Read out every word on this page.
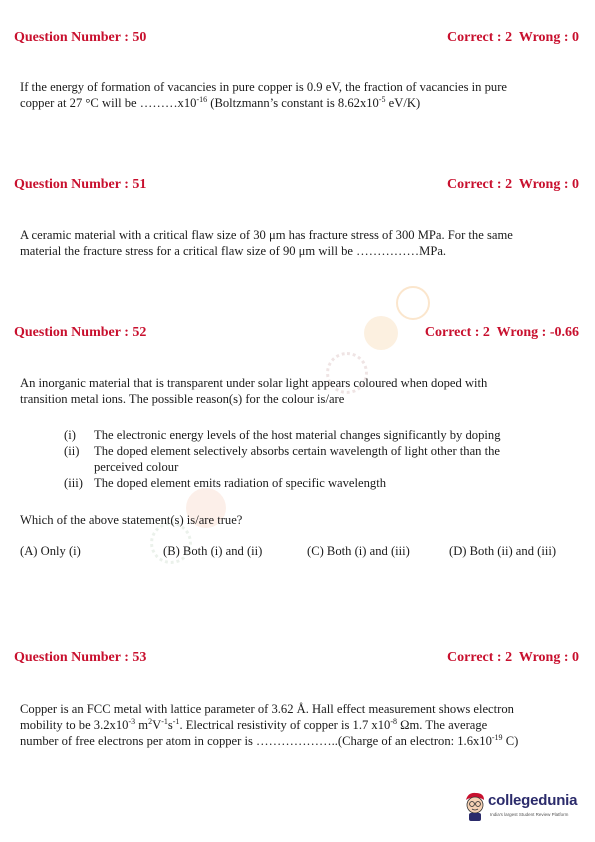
Question Number : 50	Correct : 2  Wrong : 0
If the energy of formation of vacancies in pure copper is 0.9 eV, the fraction of vacancies in pure
copper at 27 °C will be $\dots\dots\dots x10^{-16}$ (Boltzmann’s constant is $8.62x10^{-5}$ eV/K)
Question Number : 51	Correct : 2  Wrong : 0
A ceramic material with a critical flaw size of 30 μm has fracture stress of 300 MPa. For the same
material the fracture stress for a critical flaw size of 90 μm will be ……………MPa.
Question Number : 52	Correct : 2  Wrong : -0.66
An inorganic material that is transparent under solar light appears coloured when doped with
transition metal ions. The possible reason(s) for the colour is/are
(i)	The electronic energy levels of the host material changes significantly by doping
(ii)	The doped element selectively absorbs certain wavelength of light other than the
perceived colour
(iii) The doped element emits radiation of specific wavelength
Which of the above statement(s) is/are true?
(A) Only (i)	(B) Both (i) and (ii)	(C) Both (i) and (iii)	(D) Both (ii) and (iii)
Question Number : 53	Correct : 2  Wrong : 0
Copper is an FCC metal with lattice parameter of 3.62 Å. Hall effect measurement shows electron
mobility to be $3.2x10^{-3}$ $m^2V^{-1}s^{-1}$. Electrical resistivity of copper is 1.7 $x10^{-8}$ Ωm. The average
number of free electrons per atom in copper is ………………..(Charge of an electron: $1.6x10^{-19}$ C)
collegedunia
India's largest Student Review Platform
